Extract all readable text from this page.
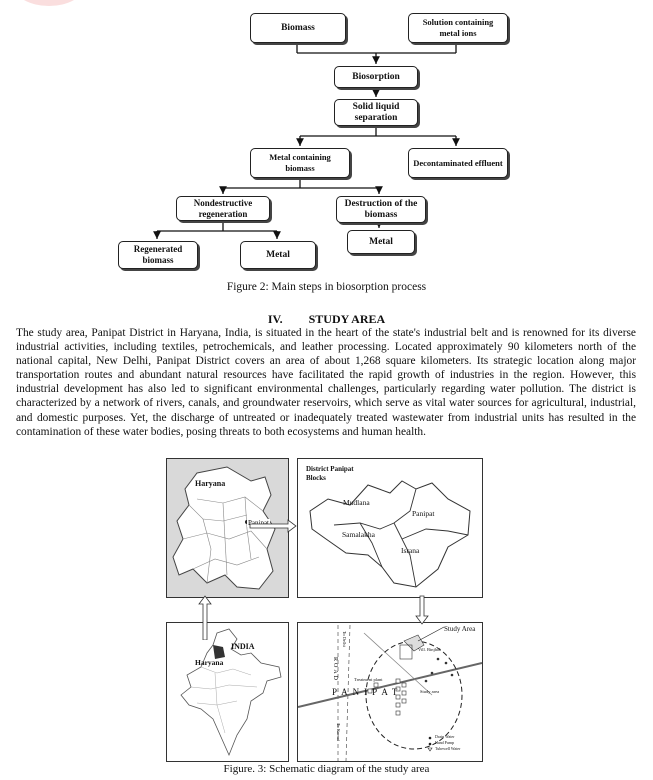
Biomass
Solution containing metal ions
Biosorption
Solid liquid separation
Metal containing biomass
Decontaminated effluent
Nondestructive regeneration
Destruction of the biomass
Regenerated biomass
Metal
Metal
Figure 2: Main steps in biosorption process
IV. STUDY AREA
The study area, Panipat District in Haryana, India, is situated in the heart of the state's industrial belt and is renowned for its diverse industrial activities, including textiles, petrochemicals, and leather processing. Located approximately 90 kilometers north of the national capital, New Delhi, Panipat District covers an area of about 1,268 square kilometers. Its strategic location along major transportation routes and abundant natural resources have facilitated the rapid growth of industries in the region. However, this industrial development has also led to significant environmental challenges, particularly regarding water pollution. The district is characterized by a network of rivers, canals, and groundwater reservoirs, which serve as vital water sources for agricultural, industrial, and domestic purposes. Yet, the discharge of untreated or inadequately treated wastewater from industrial units has resulted in the contamination of these water bodies, posing threats to both ecosystems and human health.
Haryana
Panipat
District Panipat Blocks
Mudlana
Panipat
Samalakha
Israna
INDIA
Haryana
Study Area
PANIPAT
ROAD
Vill. Binjhol
Treatment plant
Study area
To Delhi
To Karnal	Drain Water
Hand Pump
Tubewell Water
Figure. 3: Schematic diagram of the study area
